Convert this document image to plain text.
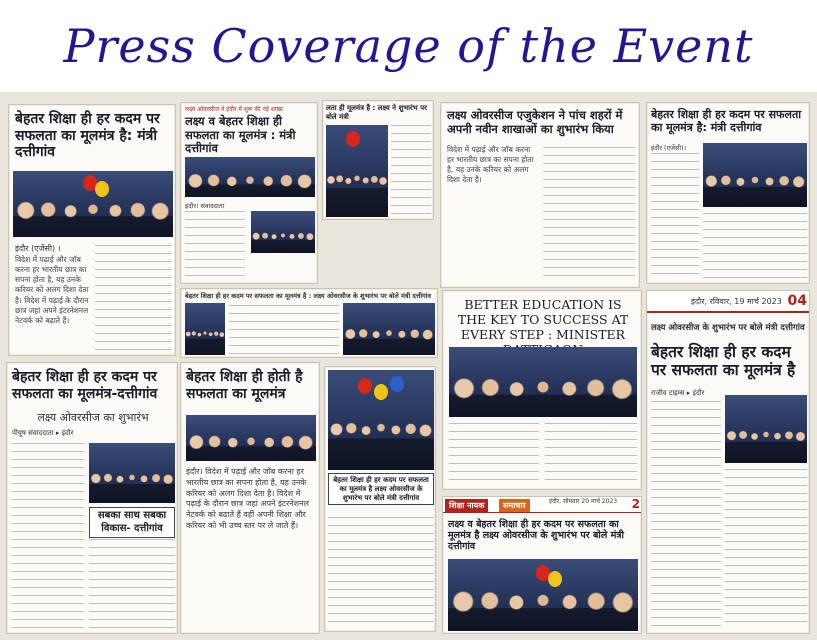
Press Coverage of the Event
बेहतर शिक्षा ही हर कदम पर सफलता का मूलमंत्र है: मंत्री दत्तीगांव
इंदौर (एजेंसी) ।
विदेश में पढ़ाई और जॉब करना हर भारतीय छात्र का सपना होता है, यह उनके करियर को अलग दिशा देता है। विदेश में पढ़ाई के दौरान छात्र जहां अपने इंटरनेशनल नेटवर्क को बढ़ाते हैं।
लक्ष्य ओवरसीज ने इंदौर में शुरू की नई शाखा
लक्ष्य व बेहतर शिक्षा ही सफलता का मूलमंत्र : मंत्री दत्तीगांव
इंदौर। संवाददाता
लता ही मूलमंत्र है : लक्ष्य ने शुभारंभ पर बोले मंत्री	लक्ष्य ओवरसीज एजुकेशन ने पांच शहरों में अपनी नवीन शाखाओं का शुभारंभ किया
विदेश में पढ़ाई और जॉब करना हर भारतीय छात्र का सपना होता है, यह उनके करियर को अलग दिशा देता है।
बेहतर शिक्षा ही हर कदम पर सफलता का मूलमंत्र है: मंत्री दत्तीगांव
इंदौर (एजेंसी)।
इंदौर, रविवार, 19 मार्च 2023 04
लक्ष्य ओवरसीज के शुभारंभ पर बोले मंत्री दत्तीगांव
बेहतर शिक्षा ही हर कदम पर सफलता का मूलमंत्र है
राजीव टाइम्स ▸ इंदौर
बेहतर शिक्षा ही हर कदम पर सफलता का मूलमंत्र है : लक्ष्य ओवरसीज के शुभारंभ पर बोले मंत्री दत्तीगांव
BETTER EDUCATION IS THE KEY TO SUCCESS AT EVERY STEP : MINISTER
बेहतर शिक्षा ही हर कदम पर सफलता का मूलमंत्र-दत्तीगांव
लक्ष्य ओवरसीज का शुभारंभ
पीयूष संवाददाता ▸ इंदौर
सबका साथ सबका विकास- दत्तीगांव
बेहतर शिक्षा ही होती है सफलता का मूलमंत्र
इंदौर। विदेश में पढ़ाई और जॉब करना हर भारतीय छात्र का सपना होता है, यह उनके करियर को अलग दिशा देता है। विदेश में पढ़ाई के दौरान छात्र जहां अपने इंटरनेशनल नेटवर्क को बढ़ाते हैं वहीं अपनी शिक्षा और करियर को भी उच्च स्तर पर ले जाते हैं।
बेहतर शिक्षा ही हर कदम पर सफलता का मूलमंत्र है लक्ष्य ओवरसीज के शुभारंभ पर बोले मंत्री दत्तीगांव
शिक्षा नायक	समाचार	इंदौर, सोमवार 20 मार्च 2023	2
लक्ष्य व बेहतर शिक्षा ही हर कदम पर सफलता का मूलमंत्र है लक्ष्य ओवरसीज के शुभारंभ पर बोले मंत्री दत्तीगांव
